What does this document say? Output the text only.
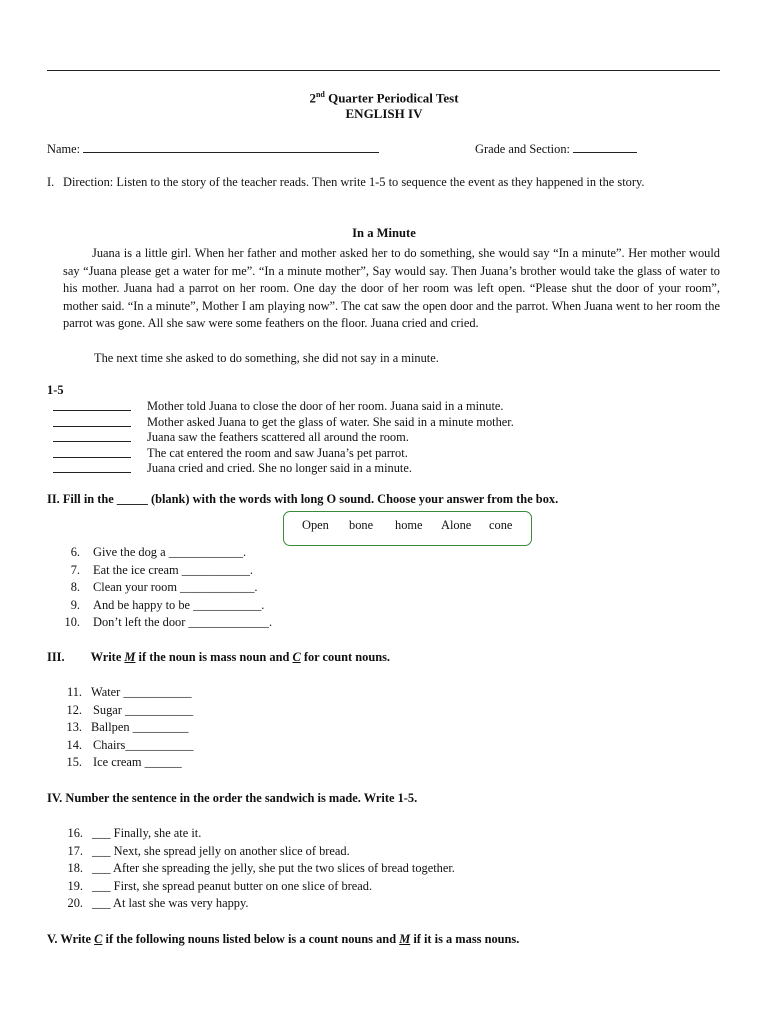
2nd Quarter Periodical Test
ENGLISH IV
Name:	Grade and Section:
I. Direction: Listen to the story of the teacher reads. Then write 1-5 to sequence the event as they happened in the story.
In a Minute
Juana is a little girl. When her father and mother asked her to do something, she would say “In a minute”. Her mother would say “Juana please get a water for me”. “In a minute mother”, Say would say. Then Juana’s brother would take the glass of water to his mother. Juana had a parrot on her room. One day the door of her room was left open. “Please shut the door of your room”, mother said. “In a minute”, Mother I am playing now”. The cat saw the open door and the parrot. When Juana went to her room the parrot was gone. All she saw were some feathers on the floor. Juana cried and cried.
The next time she asked to do something, she did not say in a minute.
1-5
Mother told Juana to close the door of her room. Juana said in a minute.
Mother asked Juana to get the glass of water. She said in a minute mother.
Juana saw the feathers scattered all around the room.
The cat entered the room and saw Juana’s pet parrot.
Juana cried and cried. She no longer said in a minute.
II. Fill in the _____ (blank) with the words with long O sound. Choose your answer from the box.
Open bone home Alone cone
6. Give the dog a ____________.
7. Eat the ice cream ___________.
8. Clean your room ____________.
9. And be happy to be ___________.
10. Don’t left the door _____________.
III. Write M if the noun is mass noun and C for count nouns.
11. Water ___________
12. Sugar ___________
13. Ballpen _________
14. Chairs___________
15. Ice cream ______
IV. Number the sentence in the order the sandwich is made. Write 1-5.
16. ___ Finally, she ate it.
17. ___ Next, she spread jelly on another slice of bread.
18. ___ After she spreading the jelly, she put the two slices of bread together.
19. ___ First, she spread peanut butter on one slice of bread.
20. ___ At last she was very happy.
V. Write C if the following nouns listed below is a count nouns and M if it is a mass nouns.
